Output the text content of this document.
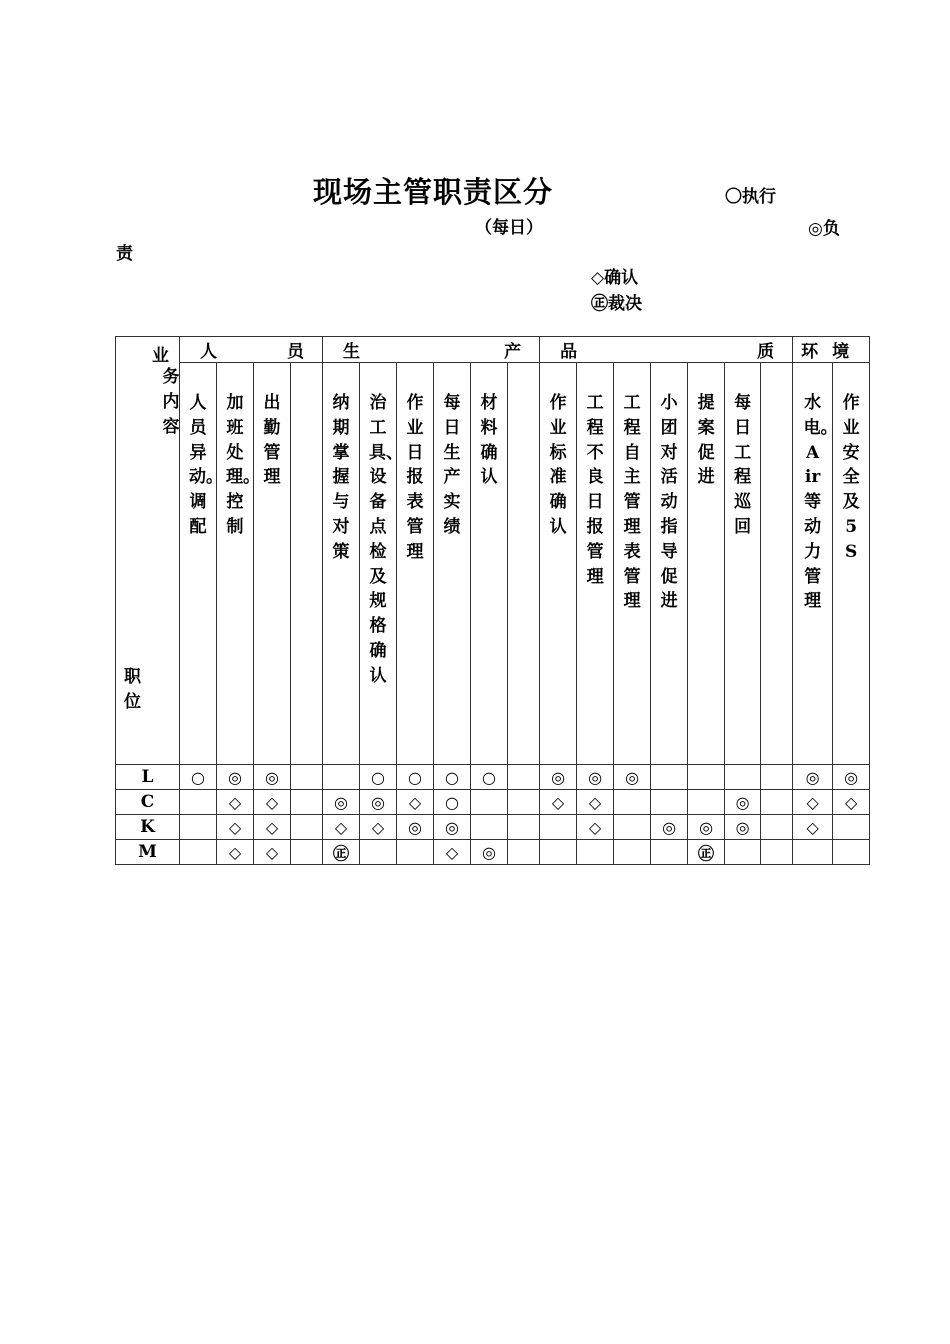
现场主管职责区分
（每日）
〇执行
◎负
责
◇确认
㊣裁决
业
务内容
职位	人 员				生 产						品 质							环 境	

	人员异动。调配	加班处理。控制	出勤管理		纳期掌握与对策	治工具、设备点检及规格确认	作业日报表管理	每日生产实绩	材料确认		作业标准确认	工程不良日报管理	工程自主管理表管理	小团对活动指导促进	提案促进	每日工程巡回		水电。Air等动力管理	作业安全及5S

L	○	◎	◎			○	○	○	○		◎	◎	◎					◎	◎
C		◇	◇		◎	◎	◇	○			◇	◇				◎		◇	◇
K		◇	◇		◇	◇	◎	◎				◇		◎	◎	◎		◇	
M		◇	◇		㊣			◇	◎						㊣				
